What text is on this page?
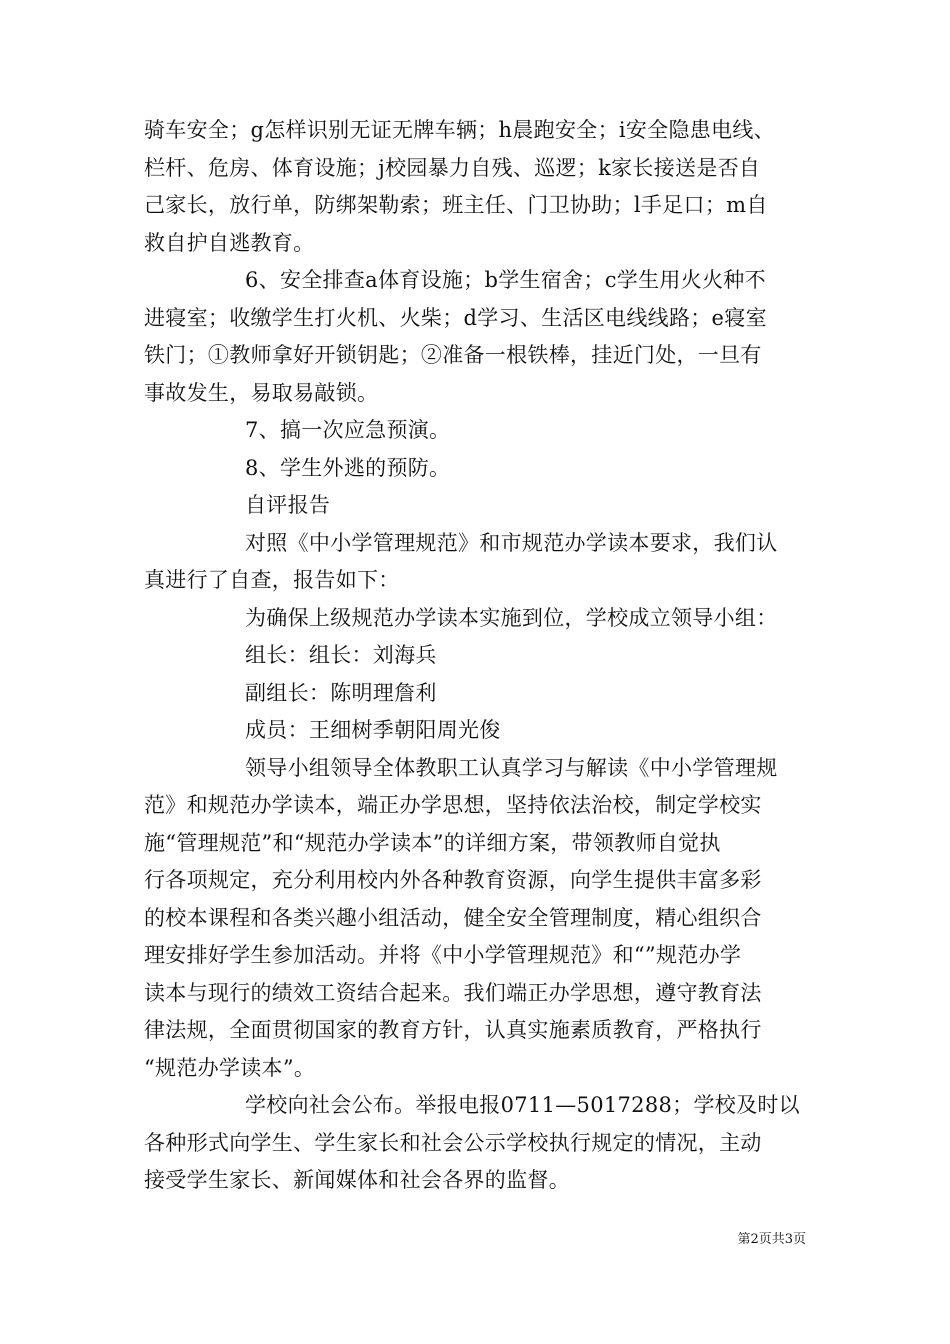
骑车安全；g怎样识别无证无牌车辆；h晨跑安全；i安全隐患电线、
栏杆、危房、体育设施；j校园暴力自残、巡逻；k家长接送是否自
己家长，放行单，防绑架勒索；班主任、门卫协助；l手足口；m自
救自护自逃教育。
6、安全排查a体育设施；b学生宿舍；c学生用火火种不
进寝室；收缴学生打火机、火柴；d学习、生活区电线线路；e寝室
铁门；①教师拿好开锁钥匙；②准备一根铁棒，挂近门处，一旦有
事故发生，易取易敲锁。
7、搞一次应急预演。
8、学生外逃的预防。
自评报告
对照《中小学管理规范》和市规范办学读本要求，我们认
真进行了自查，报告如下：
为确保上级规范办学读本实施到位，学校成立领导小组：
组长：组长：刘海兵
副组长：陈明理詹利
成员：王细树季朝阳周光俊
领导小组领导全体教职工认真学习与解读《中小学管理规
范》和规范办学读本，端正办学思想，坚持依法治校，制定学校实
施“管理规范”和“规范办学读本”的详细方案，带领教师自觉执
行各项规定，充分利用校内外各种教育资源，向学生提供丰富多彩
的校本课程和各类兴趣小组活动，健全安全管理制度，精心组织合
理安排好学生参加活动。并将《中小学管理规范》和“”规范办学
读本与现行的绩效工资结合起来。我们端正办学思想，遵守教育法
律法规，全面贯彻国家的教育方针，认真实施素质教育，严格执行
“规范办学读本”。
学校向社会公布。举报电报0711—5017288；学校及时以
各种形式向学生、学生家长和社会公示学校执行规定的情况，主动
接受学生家长、新闻媒体和社会各界的监督。
第2页共3页
